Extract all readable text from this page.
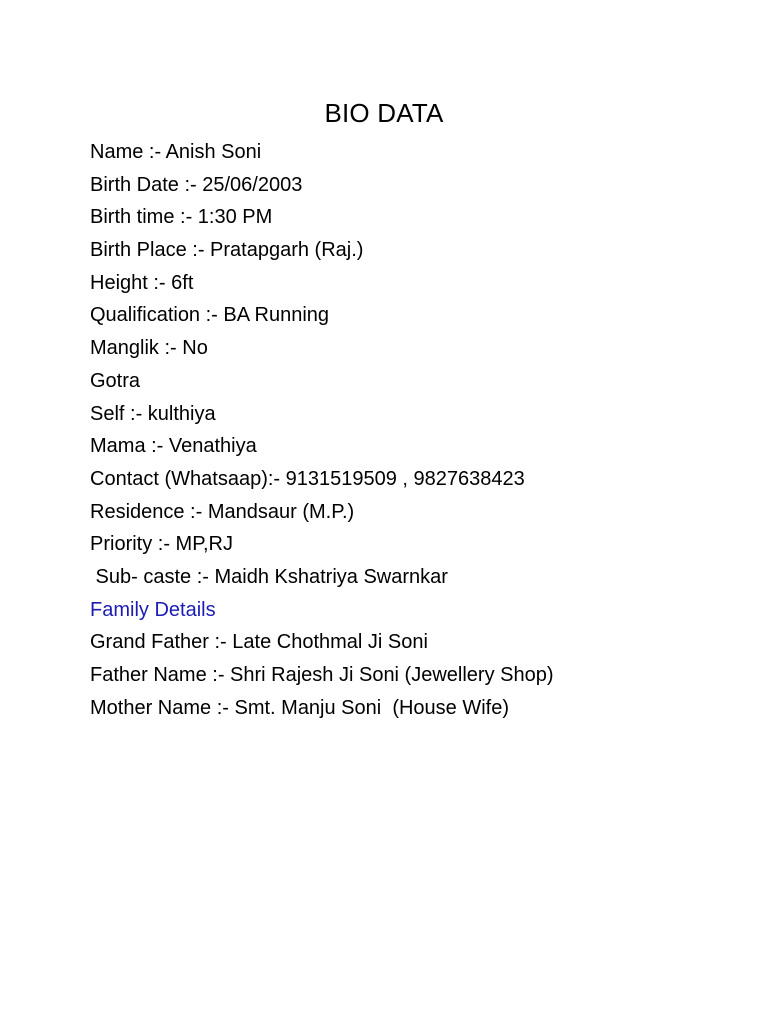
BIO DATA
Name :- Anish Soni
Birth Date :- 25/06/2003
Birth time :- 1:30 PM
Birth Place :- Pratapgarh (Raj.)
Height :- 6ft
Qualification :- BA Running
Manglik :- No
Gotra
Self :- kulthiya
Mama :- Venathiya
Contact (Whatsaap):- 9131519509 , 9827638423
Residence :- Mandsaur (M.P.)
Priority :- MP,RJ
Sub- caste :- Maidh Kshatriya Swarnkar
Family Details
Grand Father :- Late Chothmal Ji Soni
Father Name :- Shri Rajesh Ji Soni (Jewellery Shop)
Mother Name :- Smt. Manju Soni  (House Wife)
